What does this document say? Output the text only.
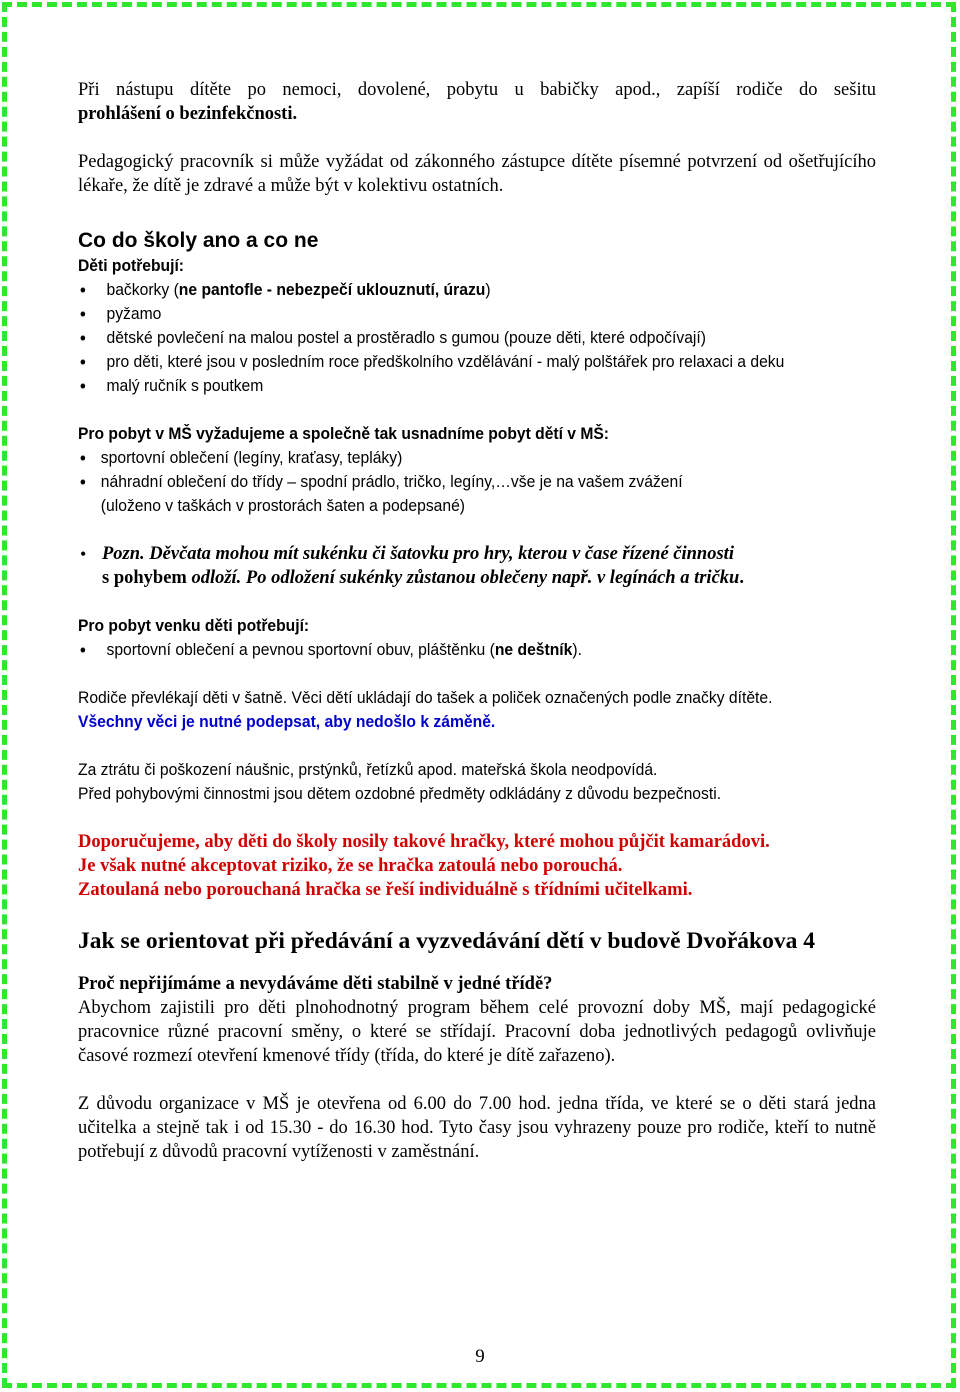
Při nástupu dítěte po nemoci, dovolené, pobytu u babičky apod., zapíší rodiče do sešitu

prohlášení o bezinfekčnosti.

Pedagogický pracovník si může vyžádat od zákonného zástupce dítěte písemné potvrzení od ošetřujícího lékaře, že dítě je zdravé a může být v kolektivu ostatních.

Co do školy ano a co ne

Děti potřebují:

• bačkorky (ne pantofle - nebezpečí uklouznutí, úrazu)
• pyžamo
• dětské povlečení na malou postel a prostěradlo s gumou (pouze děti, které odpočívají)
• pro děti, které jsou v posledním roce předškolního vzdělávání - malý polštářek pro relaxaci a deku
• malý ručník s poutkem

Pro pobyt v MŠ vyžadujeme a společně tak usnadníme pobyt dětí v MŠ:

• sportovní oblečení (legíny, kraťasy, tepláky)
• náhradní oblečení do třídy – spodní prádlo, tričko, legíny,…vše je na vašem zvážení
(uloženo v taškách v prostorách šaten a podepsané)
• Pozn. Děvčata mohou mít sukénku či šatovku pro hry, kterou v čase řízené činnosti
s pohybem odloží. Po odložení sukénky zůstanou oblečeny např. v legínách a tričku.

Pro pobyt venku děti potřebují:

• sportovní oblečení a pevnou sportovní obuv, pláštěnku (ne deštník).

Rodiče převlékají děti v šatně. Věci dětí ukládají do tašek a poliček označených podle značky dítěte.

Všechny věci je nutné podepsat, aby nedošlo k záměně.

Za ztrátu či poškození náušnic, prstýnků, řetízků apod. mateřská škola neodpovídá.

Před pohybovými činnostmi jsou dětem ozdobné předměty odkládány z důvodu bezpečnosti.

Doporučujeme, aby děti do školy nosily takové hračky, které mohou půjčit kamarádovi.

Je však nutné akceptovat riziko, že se hračka zatoulá nebo porouchá.

Zatoulaná nebo porouchaná hračka se řeší individuálně s třídními učitelkami.

Jak se orientovat při předávání a vyzvedávání dětí v budově Dvořákova 4

Proč nepřijímáme a nevydáváme děti stabilně v jedné třídě?

Abychom zajistili pro děti plnohodnotný program během celé provozní doby MŠ, mají pedagogické pracovnice různé pracovní směny, o které se střídají. Pracovní doba jednotlivých pedagogů ovlivňuje časové rozmezí otevření kmenové třídy (třída, do které je dítě zařazeno).

Z důvodu organizace v MŠ je otevřena od 6.00 do 7.00 hod. jedna třída, ve které se o děti stará jedna učitelka a stejně tak i od 15.30 - do 16.30 hod. Tyto časy jsou vyhrazeny pouze pro rodiče, kteří to nutně potřebují z důvodů pracovní vytíženosti v zaměstnání.

9
